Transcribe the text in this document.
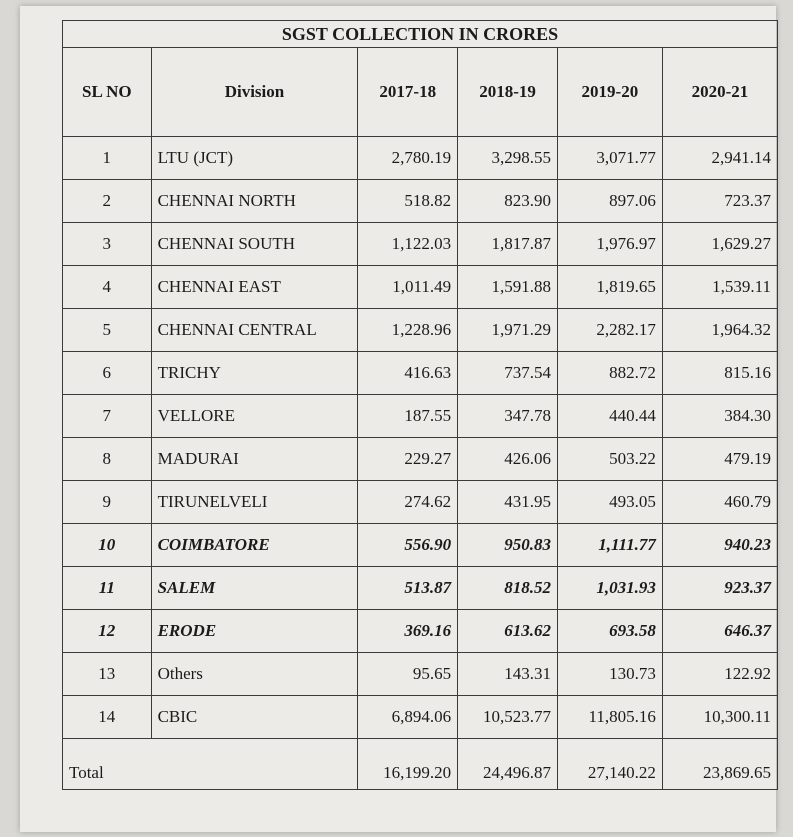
SGST COLLECTION IN CRORES					
SL NO	Division	2017-18	2018-19	2019-20	2020-21
1	LTU (JCT)	2,780.19	3,298.55	3,071.77	2,941.14
2	CHENNAI NORTH	518.82	823.90	897.06	723.37
3	CHENNAI SOUTH	1,122.03	1,817.87	1,976.97	1,629.27
4	CHENNAI EAST	1,011.49	1,591.88	1,819.65	1,539.11
5	CHENNAI CENTRAL	1,228.96	1,971.29	2,282.17	1,964.32
6	TRICHY	416.63	737.54	882.72	815.16
7	VELLORE	187.55	347.78	440.44	384.30
8	MADURAI	229.27	426.06	503.22	479.19
9	TIRUNELVELI	274.62	431.95	493.05	460.79
10	COIMBATORE	556.90	950.83	1,111.77	940.23
11	SALEM	513.87	818.52	1,031.93	923.37
12	ERODE	369.16	613.62	693.58	646.37
13	Others	95.65	143.31	130.73	122.92
14	CBIC	6,894.06	10,523.77	11,805.16	10,300.11
Total		16,199.20	24,496.87	27,140.22	23,869.65
